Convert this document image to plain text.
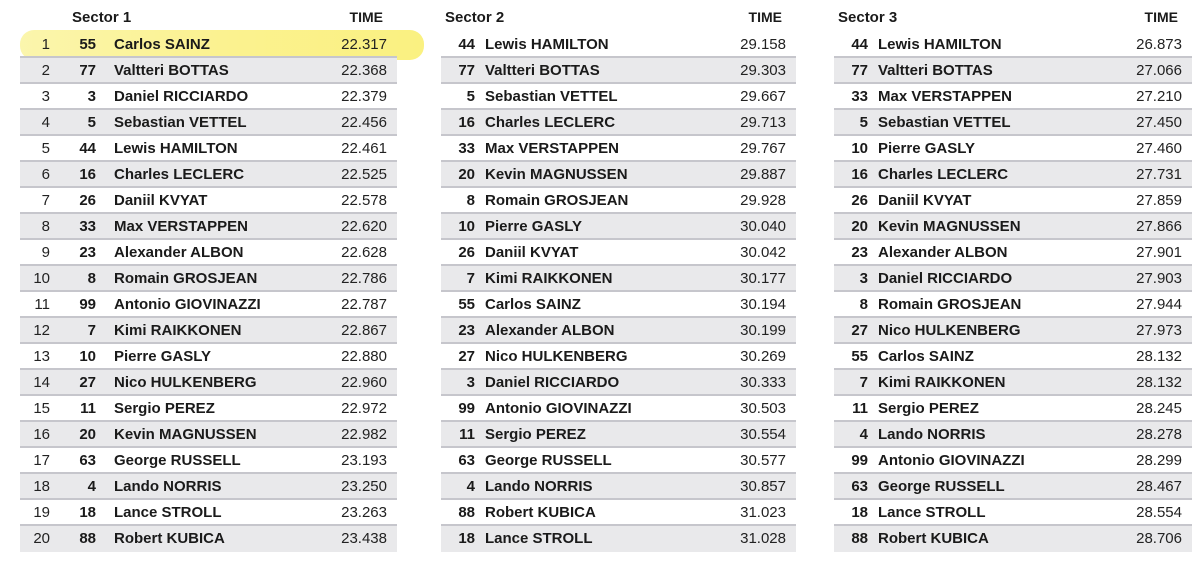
Sector 1	TIME
1	55 Carlos SAINZ	22.317
2	77 Valtteri BOTTAS	22.368
3	3 Daniel RICCIARDO	22.379
4	5 Sebastian VETTEL	22.456
5	44 Lewis HAMILTON	22.461
6	16 Charles LECLERC	22.525
7	26 Daniil KVYAT	22.578
8	33 Max VERSTAPPEN	22.620
9	23 Alexander ALBON	22.628
10	8 Romain GROSJEAN	22.786
11	99 Antonio GIOVINAZZI	22.787
12	7 Kimi RAIKKONEN	22.867
13	10 Pierre GASLY	22.880
14	27 Nico HULKENBERG	22.960
15	11 Sergio PEREZ	22.972
16	20 Kevin MAGNUSSEN	22.982
17	63 George RUSSELL	23.193
18	4 Lando NORRIS	23.250
19	18 Lance STROLL	23.263
20	88 Robert KUBICA	23.438
Sector 2	TIME
44 Lewis HAMILTON	29.158
77 Valtteri BOTTAS	29.303
5 Sebastian VETTEL	29.667
16 Charles LECLERC	29.713
33 Max VERSTAPPEN	29.767
20 Kevin MAGNUSSEN	29.887
8 Romain GROSJEAN	29.928
10 Pierre GASLY	30.040
26 Daniil KVYAT	30.042
7 Kimi RAIKKONEN	30.177
55 Carlos SAINZ	30.194
23 Alexander ALBON	30.199
27 Nico HULKENBERG	30.269
3 Daniel RICCIARDO	30.333
99 Antonio GIOVINAZZI	30.503
11 Sergio PEREZ	30.554
63 George RUSSELL	30.577
4 Lando NORRIS	30.857
88 Robert KUBICA	31.023
18 Lance STROLL	31.028
Sector 3	TIME
44 Lewis HAMILTON	26.873
77 Valtteri BOTTAS	27.066
33 Max VERSTAPPEN	27.210
5 Sebastian VETTEL	27.450
10 Pierre GASLY	27.460
16 Charles LECLERC	27.731
26 Daniil KVYAT	27.859
20 Kevin MAGNUSSEN	27.866
23 Alexander ALBON	27.901
3 Daniel RICCIARDO	27.903
8 Romain GROSJEAN	27.944
27 Nico HULKENBERG	27.973
55 Carlos SAINZ	28.132
7 Kimi RAIKKONEN	28.132
11 Sergio PEREZ	28.245
4 Lando NORRIS	28.278
99 Antonio GIOVINAZZI	28.299
63 George RUSSELL	28.467
18 Lance STROLL	28.554
88 Robert KUBICA	28.706
